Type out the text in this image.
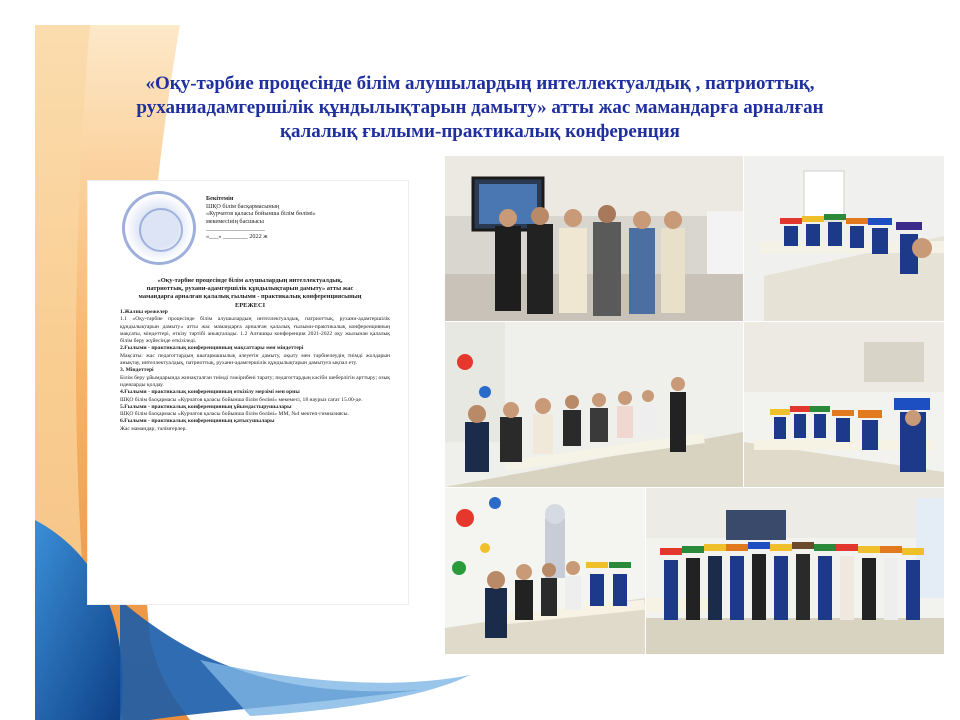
«Оқу-тәрбие процесінде білім алушылардың интеллектуалдық , патриоттық,
руханиадамгершілік құндылықтарын дамыту» атты жас мамандарға арналған
қалалық ғылыми-практикалық конференция
Бекітемін
ШҚО білім басқармасының
«Курчатов қаласы бойынша білім бөлімі»
мекемесінің басшысы
___________________
«___» ________ 2022 ж
«Оқу-тәрбие процесінде білім алушылардың интеллектуалдық,
патриоттық, рухани-адамгершілік құндылықтарын дамыту» атты жас
мамандарға арналған қалалық ғылыми - практикалық конференциясының
ЕРЕЖЕСІ

1.Жалпы ережелер

1.1 «Оқу-тәрбие процесінде білім алушылардың интеллектуалдық, патриоттық, рухани-адамгершілік құндылықтарын дамыту» атты жас мамандарға арналған қалалық ғылыми-практикалық конференцияның мақсаты, міндеттері, өткізу тәртібі анықталады. 1.2 Алғашқы конференция 2021-2022 оқу жылынан қалалық білім беру жүйесінде өткізіледі.

2.Ғылыми - практикалық конференцияның мақсаттары мен міндеттері

Мақсаты: жас педагогтардың шығармашылық әлеуетін дамыту, оқыту мен тәрбиелеудің тиімді жолдарын анықтау, интеллектуалдық, патриоттық, рухани-адамгершілік құндылықтарын дамытуға ықпал ету.

3. Міндеттері

Білім беру ұйымдарында жинақталған тиімді тәжірибені тарату; педагогтардың кәсіби шеберлігін арттыру; озық идеяларды қолдау.

4.Ғылыми - практикалық конференцияның өткізілу мерзімі мен орны

ШҚО білім басқармасы «Курчатов қаласы бойынша білім бөлімі» мекемесі, 18 наурыз сағат 15.00-де.

5.Ғылыми - практикалық конференцияның ұйымдастырушылары

ШҚО білім басқармасы «Курчатов қаласы бойынша білім бөлімі» ММ, №4 мектеп-гимназиясы.

6.Ғылыми - практикалық конференцияның қатысушылары

Жас мамандар, тәлімгерлер.
